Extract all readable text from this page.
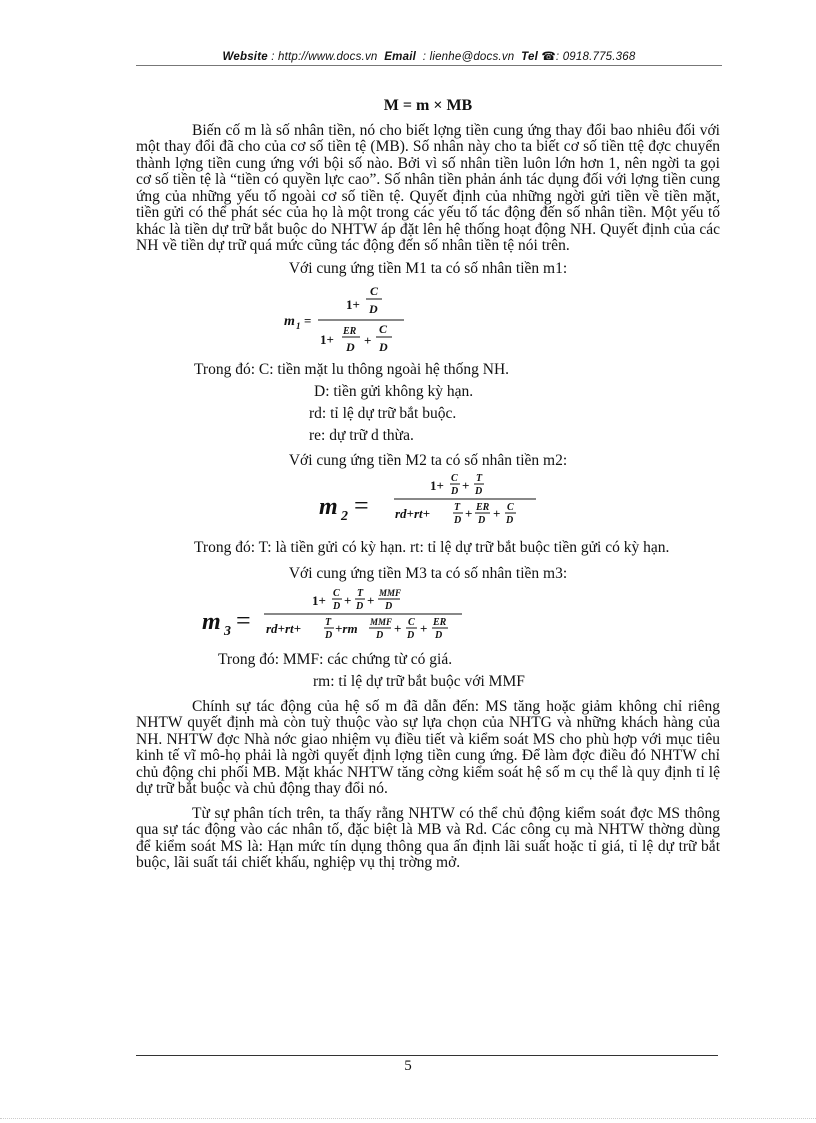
Website : http://www.docs.vn Email : lienhe@docs.vn Tel ☎: 0918.775.368
M = m × MB

Biến cố m là số nhân tiền, nó cho biết lợng tiền cung ứng thay đổi bao nhiêu đối với một thay đổi đã cho của cơ số tiền tệ (MB). Số nhân này cho ta biết cơ số tiền ttệ đợc chuyển thành lợng tiền cung ứng với bội số nào. Bởi vì số nhân tiền luôn lớn hơn 1, nên ngời ta gọi cơ số tiền tệ là “tiền có quyền lực cao”. Số nhân tiền phản ánh tác dụng đối với lợng tiền cung ứng của những yếu tố ngoài cơ số tiền tệ. Quyết định của những ngời gửi tiền về tiền mặt, tiền gửi có thể phát séc của họ là một trong các yếu tố tác động đến số nhân tiền. Một yếu tố khác là tiền dự trữ bắt buộc do NHTW áp đặt lên hệ thống hoạt động NH. Quyết định của các NH về tiền dự trữ quá mức cũng tác động đến số nhân tiền tệ nói trên.

Với cung ứng tiền M1 ta có số nhân tiền m1:
m 1 =
1+
C
D
1+
ER
D +
C
D
Trong đó: C: tiền mặt lu thông ngoài hệ thống NH.
D: tiền gửi không kỳ hạn.
rd: tỉ lệ dự trữ bắt buộc.
re: dự trữ d thừa.
Với cung ứng tiền M2 ta có số nhân tiền m2:
m 2 =
1+ C
D + T
D
rd+rt+ T
D + ER
D + C
D

Trong đó: T: là tiền gửi có kỳ hạn. rt: tỉ lệ dự trữ bắt buộc tiền gửi có kỳ hạn.

Với cung ứng tiền M3 ta có số nhân tiền m3:
m 3 =
1+ C
D + T
D + MMF
D
rd+rt+ T
D +rm MMF
D + C
D + ER
D
Trong đó: MMF: các chứng từ có giá.
rm: tỉ lệ dự trữ bắt buộc với MMF

Chính sự tác động của hệ số m đã dẫn đến: MS tăng hoặc giảm không chỉ riêng NHTW quyết định mà còn tuỳ thuộc vào sự lựa chọn của NHTG và những khách hàng của NH. NHTW đợc Nhà nớc giao nhiệm vụ điều tiết và kiểm soát MS cho phù hợp với mục tiêu kinh tế vĩ mô-họ phải là ngời quyết định lợng tiền cung ứng. Để làm đợc điều đó NHTW chỉ chủ động chi phối MB. Mặt khác NHTW tăng cờng kiểm soát hệ số m cụ thể là quy định tỉ lệ dự trữ bắt buộc và chủ động thay đổi nó.

Từ sự phân tích trên, ta thấy rằng NHTW có thể chủ động kiểm soát đợc MS thông qua sự tác động vào các nhân tố, đặc biệt là MB và Rd. Các công cụ mà NHTW thờng dùng để kiểm soát MS là: Hạn mức tín dụng thông qua ấn định lãi suất hoặc tỉ giá, tỉ lệ dự trữ bắt buộc, lãi suất tái chiết khấu, nghiệp vụ thị trờng mở.

5
